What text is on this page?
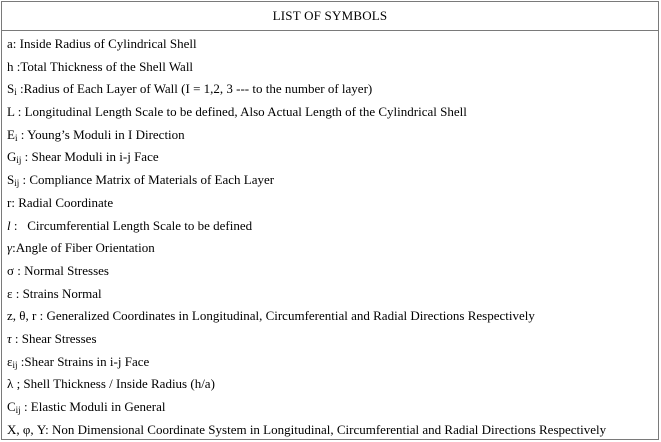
LIST OF SYMBOLS
a: Inside Radius of Cylindrical Shell
h :Total Thickness of the Shell Wall
$S_i$ :Radius of Each Layer of Wall (I = 1,2, 3 --- to the number of layer)
L : Longitudinal Length Scale to be defined, Also Actual Length of the Cylindrical Shell
$E_i$ : Young’s Moduli in I Direction
$G_{ij}$ : Shear Moduli in i-j Face
$S_{ij}$ : Compliance Matrix of Materials of Each Layer
r: Radial Coordinate
l :   Circumferential Length Scale to be defined
γ:Angle of Fiber Orientation
σ : Normal Stresses
ε : Strains Normal
z, θ, r : Generalized Coordinates in Longitudinal, Circumferential and Radial Directions Respectively
τ : Shear Stresses
$\varepsilon_{ij}$ :Shear Strains in i-j Face
λ ; Shell Thickness / Inside Radius (h/a)
$C_{ij}$ : Elastic Moduli in General
X, φ, Y: Non Dimensional Coordinate System in Longitudinal, Circumferential and Radial Directions Respectively
